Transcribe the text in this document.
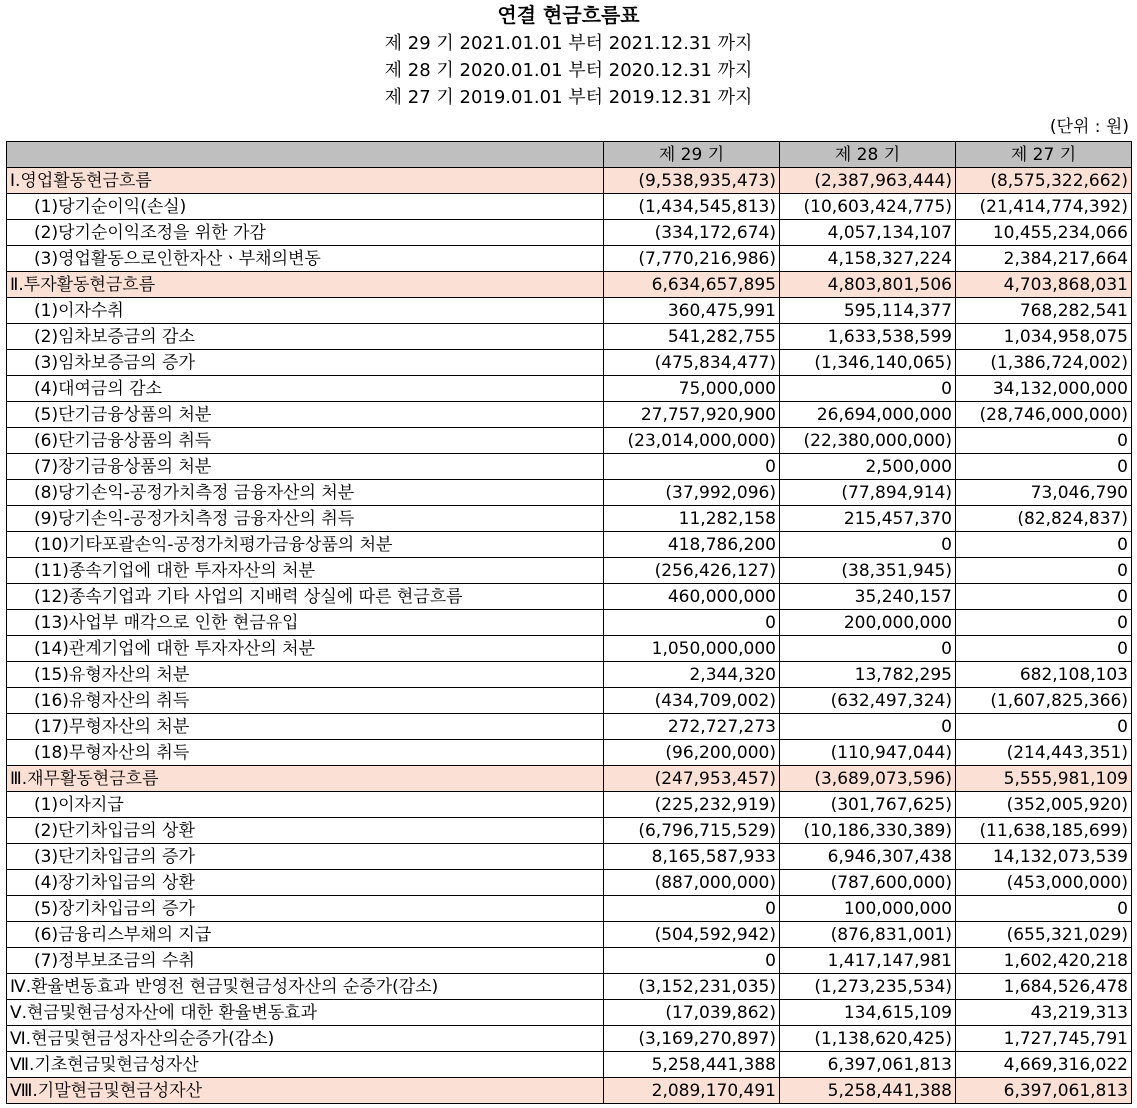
연결 현금흐름표
제 29 기 2021.01.01 부터 2021.12.31 까지
제 28 기 2020.01.01 부터 2020.12.31 까지
제 27 기 2019.01.01 부터 2019.12.31 까지
(단위 : 원)
	제 29 기	제 28 기	제 27 기
Ⅰ.영업활동현금흐름	(9,538,935,473)	(2,387,963,444)	(8,575,322,662)
(1)당기순이익(손실)	(1,434,545,813)	(10,603,424,775)	(21,414,774,392)
(2)당기순이익조정을 위한 가감	(334,172,674)	4,057,134,107	10,455,234,066
(3)영업활동으로인한자산ㆍ부채의변동	(7,770,216,986)	4,158,327,224	2,384,217,664
Ⅱ.투자활동현금흐름	6,634,657,895	4,803,801,506	4,703,868,031
(1)이자수취	360,475,991	595,114,377	768,282,541
(2)임차보증금의 감소	541,282,755	1,633,538,599	1,034,958,075
(3)임차보증금의 증가	(475,834,477)	(1,346,140,065)	(1,386,724,002)
(4)대여금의 감소	75,000,000	0	34,132,000,000
(5)단기금융상품의 처분	27,757,920,900	26,694,000,000	(28,746,000,000)
(6)단기금융상품의 취득	(23,014,000,000)	(22,380,000,000)	0
(7)장기금융상품의 처분	0	2,500,000	0
(8)당기손익-공정가치측정 금융자산의 처분	(37,992,096)	(77,894,914)	73,046,790
(9)당기손익-공정가치측정 금융자산의 취득	11,282,158	215,457,370	(82,824,837)
(10)기타포괄손익-공정가치평가금융상품의 처분	418,786,200	0	0
(11)종속기업에 대한 투자자산의 처분	(256,426,127)	(38,351,945)	0
(12)종속기업과 기타 사업의 지배력 상실에 따른 현금흐름	460,000,000	35,240,157	0
(13)사업부 매각으로 인한 현금유입	0	200,000,000	0
(14)관계기업에 대한 투자자산의 처분	1,050,000,000	0	0
(15)유형자산의 처분	2,344,320	13,782,295	682,108,103
(16)유형자산의 취득	(434,709,002)	(632,497,324)	(1,607,825,366)
(17)무형자산의 처분	272,727,273	0	0
(18)무형자산의 취득	(96,200,000)	(110,947,044)	(214,443,351)
Ⅲ.재무활동현금흐름	(247,953,457)	(3,689,073,596)	5,555,981,109
(1)이자지급	(225,232,919)	(301,767,625)	(352,005,920)
(2)단기차입금의 상환	(6,796,715,529)	(10,186,330,389)	(11,638,185,699)
(3)단기차입금의 증가	8,165,587,933	6,946,307,438	14,132,073,539
(4)장기차입금의 상환	(887,000,000)	(787,600,000)	(453,000,000)
(5)장기차입금의 증가	0	100,000,000	0
(6)금융리스부채의 지급	(504,592,942)	(876,831,001)	(655,321,029)
(7)정부보조금의 수취	0	1,417,147,981	1,602,420,218
Ⅳ.환율변동효과 반영전 현금및현금성자산의 순증가(감소)	(3,152,231,035)	(1,273,235,534)	1,684,526,478
Ⅴ.현금및현금성자산에 대한 환율변동효과	(17,039,862)	134,615,109	43,219,313
Ⅵ.현금및현금성자산의순증가(감소)	(3,169,270,897)	(1,138,620,425)	1,727,745,791
Ⅶ.기초현금및현금성자산	5,258,441,388	6,397,061,813	4,669,316,022
Ⅷ.기말현금및현금성자산	2,089,170,491	5,258,441,388	6,397,061,813
